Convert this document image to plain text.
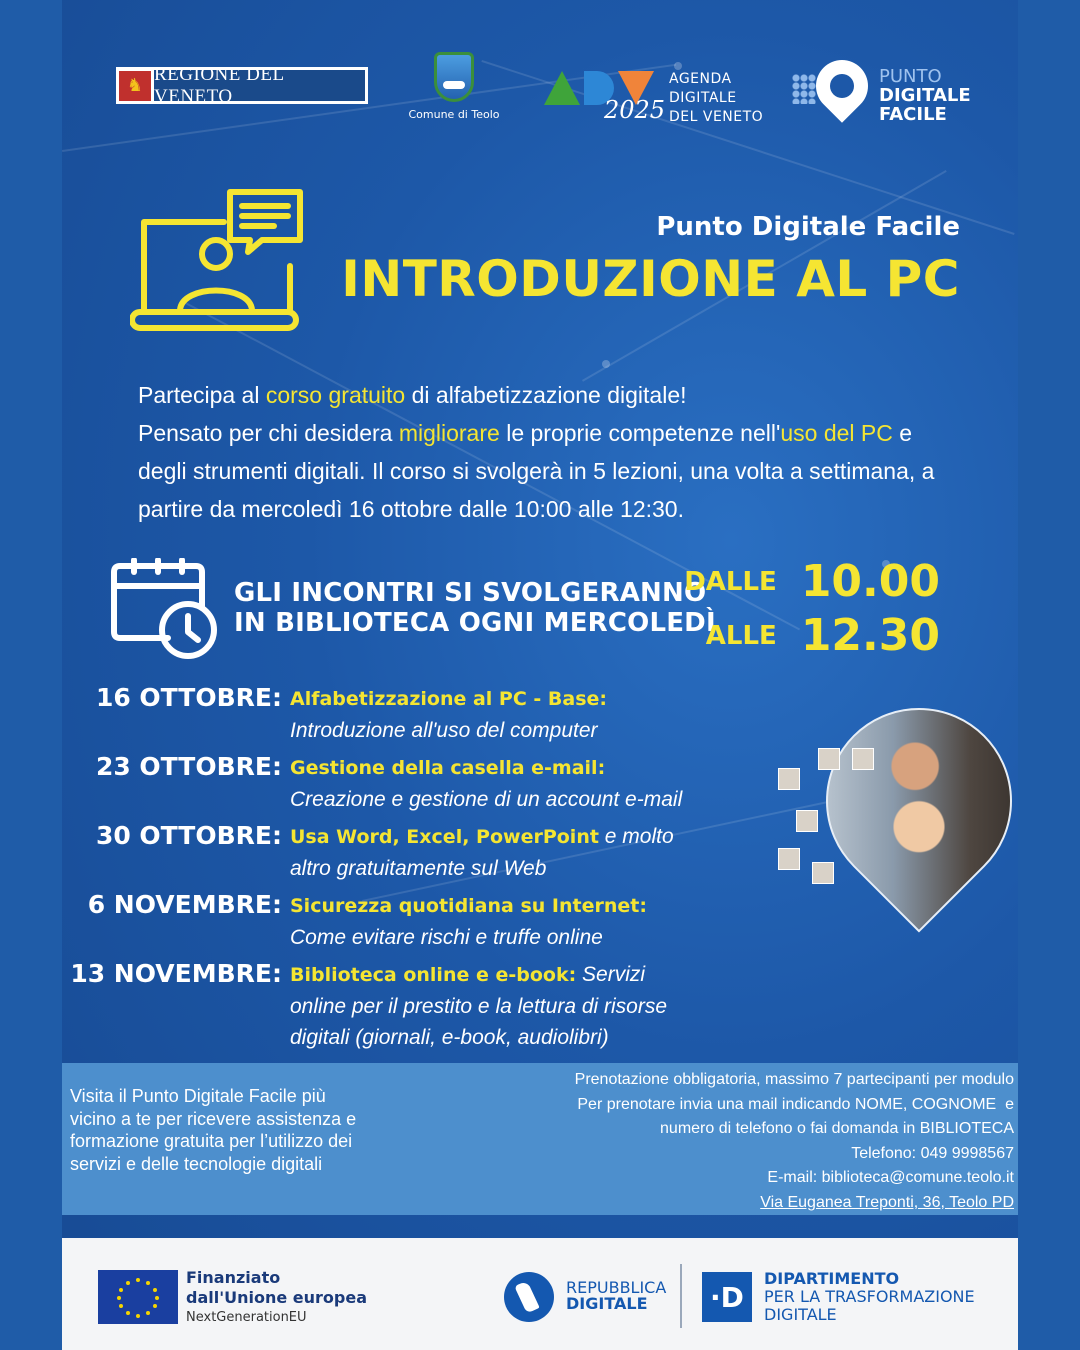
♞
REGIONE DEL VENETO
Comune di Teolo	2025
AGENDA
DIGITALE
DEL VENETO
PUNTO
DIGITALE
FACILE
Punto Digitale Facile
INTRODUZIONE AL PC
Partecipa al corso gratuito di alfabetizzazione digitale!
Pensato per chi desidera migliorare le proprie competenze nell'uso del PC e degli strumenti digitali. Il corso si svolgerà in 5 lezioni, una volta a settimana, a partire da mercoledì 16 ottobre dalle 10:00 alle 12:30.
GLI INCONTRI SI SVOLGERANNO
IN BIBLIOTECA OGNI MERCOLEDÌ
DALLE 10.00
ALLE 12.30
16 OTTOBRE: Alfabetizzazione al PC - Base: Introduzione all'uso del computer
23 OTTOBRE: Gestione della casella e-mail: Creazione e gestione di un account e-mail
30 OTTOBRE: Usa Word, Excel, PowerPoint e molto altro gratuitamente sul Web
6 NOVEMBRE: Sicurezza quotidiana su Internet: Come evitare rischi e truffe online
13 NOVEMBRE: Biblioteca online e e-book: Servizi online per il prestito e la lettura di risorse digitali (giornali, e-book, audiolibri)
Visita il Punto Digitale Facile più vicino a te per ricevere assistenza e formazione gratuita per l’utilizzo dei servizi e delle tecnologie digitali
Prenotazione obbligatoria, massimo 7 partecipanti per modulo
Per prenotare invia una mail indicando NOME, COGNOME  e
numero di telefono o fai domanda in BIBLIOTECA
Telefono: 049 9998567
E-mail: biblioteca@comune.teolo.it
Via Euganea Treponti, 36, Teolo PD
Finanziato
dall'Unione europea
NextGenerationEU
REPUBBLICA
DIGITALE	·D
DIPARTIMENTO
PER LA TRASFORMAZIONE
DIGITALE
